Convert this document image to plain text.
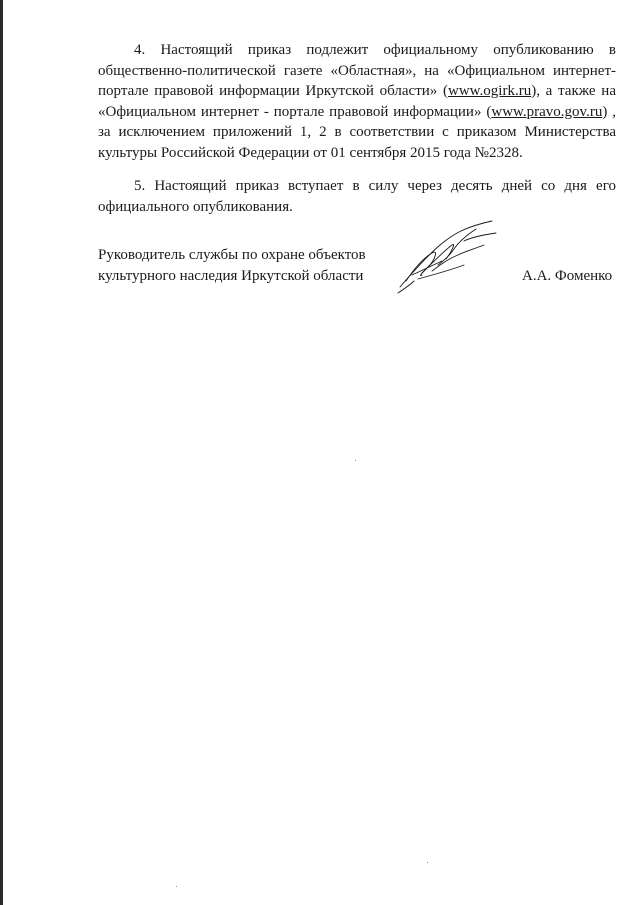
4. Настоящий приказ подлежит официальному опубликованию в
общественно-политической газете «Областная», на «Официальном интернет-
портале правовой информации Иркутской области» (www.ogirk.ru), а также на
«Официальном интернет - портале правовой информации» (www.pravo.gov.ru) ,
за исключением приложений 1, 2 в соответствии с приказом Министерства
культуры Российской Федерации от 01 сентября 2015 года №2328.
5. Настоящий приказ вступает в силу через десять дней со дня его
официального опубликования.
Руководитель службы по охране объектов
культурного наследия Иркутской области	А.А. Фоменко
